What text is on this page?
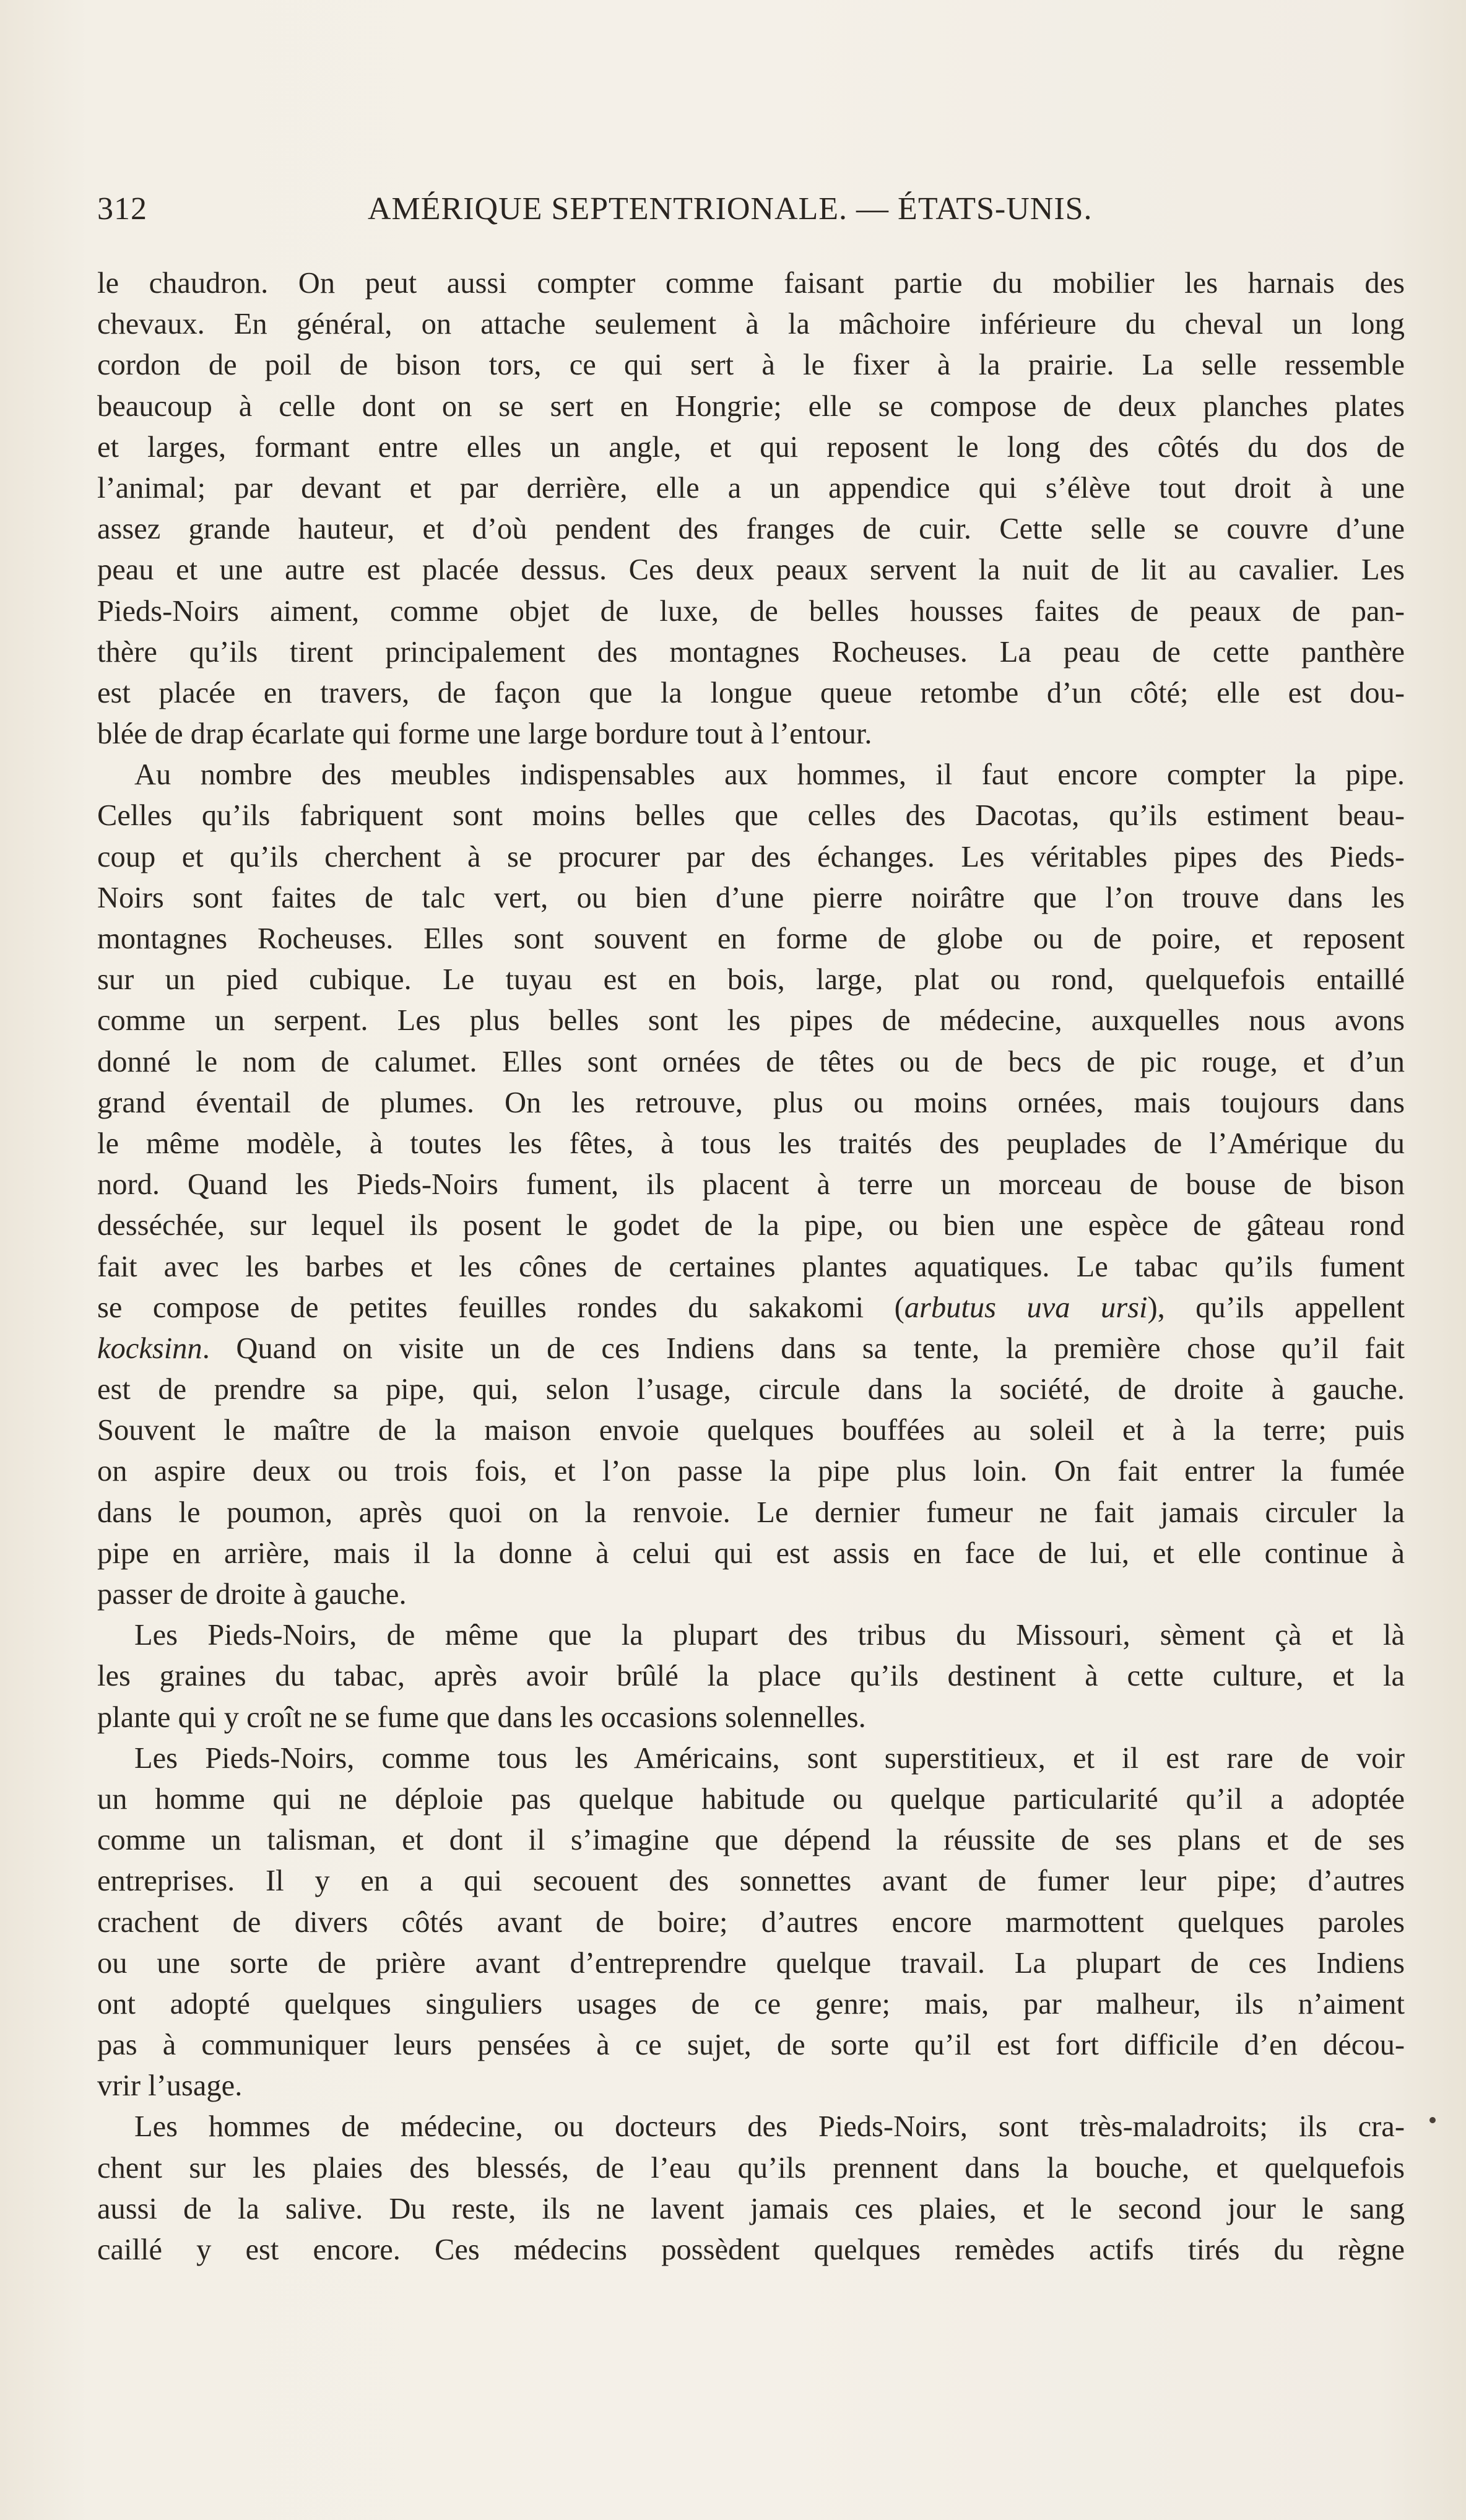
312	AMÉRIQUE SEPTENTRIONALE. — ÉTATS-UNIS.
le chaudron. On peut aussi compter comme faisant partie du mobilier les harnais des
chevaux. En général, on attache seulement à la mâchoire inférieure du cheval un long
cordon de poil de bison tors, ce qui sert à le fixer à la prairie. La selle ressemble
beaucoup à celle dont on se sert en Hongrie; elle se compose de deux planches plates
et larges, formant entre elles un angle, et qui reposent le long des côtés du dos de
l’animal; par devant et par derrière, elle a un appendice qui s’élève tout droit à une
assez grande hauteur, et d’où pendent des franges de cuir. Cette selle se couvre d’une
peau et une autre est placée dessus. Ces deux peaux servent la nuit de lit au cavalier. Les
Pieds-Noirs aiment, comme objet de luxe, de belles housses faites de peaux de pan-
thère qu’ils tirent principalement des montagnes Rocheuses. La peau de cette panthère
est placée en travers, de façon que la longue queue retombe d’un côté; elle est dou-
blée de drap écarlate qui forme une large bordure tout à l’entour.
Au nombre des meubles indispensables aux hommes, il faut encore compter la pipe.
Celles qu’ils fabriquent sont moins belles que celles des Dacotas, qu’ils estiment beau-
coup et qu’ils cherchent à se procurer par des échanges. Les véritables pipes des Pieds-
Noirs sont faites de talc vert, ou bien d’une pierre noirâtre que l’on trouve dans les
montagnes Rocheuses. Elles sont souvent en forme de globe ou de poire, et reposent
sur un pied cubique. Le tuyau est en bois, large, plat ou rond, quelquefois entaillé
comme un serpent. Les plus belles sont les pipes de médecine, auxquelles nous avons
donné le nom de calumet. Elles sont ornées de têtes ou de becs de pic rouge, et d’un
grand éventail de plumes. On les retrouve, plus ou moins ornées, mais toujours dans
le même modèle, à toutes les fêtes, à tous les traités des peuplades de l’Amérique du
nord. Quand les Pieds-Noirs fument, ils placent à terre un morceau de bouse de bison
desséchée, sur lequel ils posent le godet de la pipe, ou bien une espèce de gâteau rond
fait avec les barbes et les cônes de certaines plantes aquatiques. Le tabac qu’ils fument
se compose de petites feuilles rondes du sakakomi (arbutus uva ursi), qu’ils appellent
kocksinn. Quand on visite un de ces Indiens dans sa tente, la première chose qu’il fait
est de prendre sa pipe, qui, selon l’usage, circule dans la société, de droite à gauche.
Souvent le maître de la maison envoie quelques bouffées au soleil et à la terre; puis
on aspire deux ou trois fois, et l’on passe la pipe plus loin. On fait entrer la fumée
dans le poumon, après quoi on la renvoie. Le dernier fumeur ne fait jamais circuler la
pipe en arrière, mais il la donne à celui qui est assis en face de lui, et elle continue à
passer de droite à gauche.
Les Pieds-Noirs, de même que la plupart des tribus du Missouri, sèment çà et là
les graines du tabac, après avoir brûlé la place qu’ils destinent à cette culture, et la
plante qui y croît ne se fume que dans les occasions solennelles.
Les Pieds-Noirs, comme tous les Américains, sont superstitieux, et il est rare de voir
un homme qui ne déploie pas quelque habitude ou quelque particularité qu’il a adoptée
comme un talisman, et dont il s’imagine que dépend la réussite de ses plans et de ses
entreprises. Il y en a qui secouent des sonnettes avant de fumer leur pipe; d’autres
crachent de divers côtés avant de boire; d’autres encore marmottent quelques paroles
ou une sorte de prière avant d’entreprendre quelque travail. La plupart de ces Indiens
ont adopté quelques singuliers usages de ce genre; mais, par malheur, ils n’aiment
pas à communiquer leurs pensées à ce sujet, de sorte qu’il est fort difficile d’en décou-
vrir l’usage.
Les hommes de médecine, ou docteurs des Pieds-Noirs, sont très-maladroits; ils cra-
chent sur les plaies des blessés, de l’eau qu’ils prennent dans la bouche, et quelquefois
aussi de la salive. Du reste, ils ne lavent jamais ces plaies, et le second jour le sang
caillé y est encore. Ces médecins possèdent quelques remèdes actifs tirés du règne
